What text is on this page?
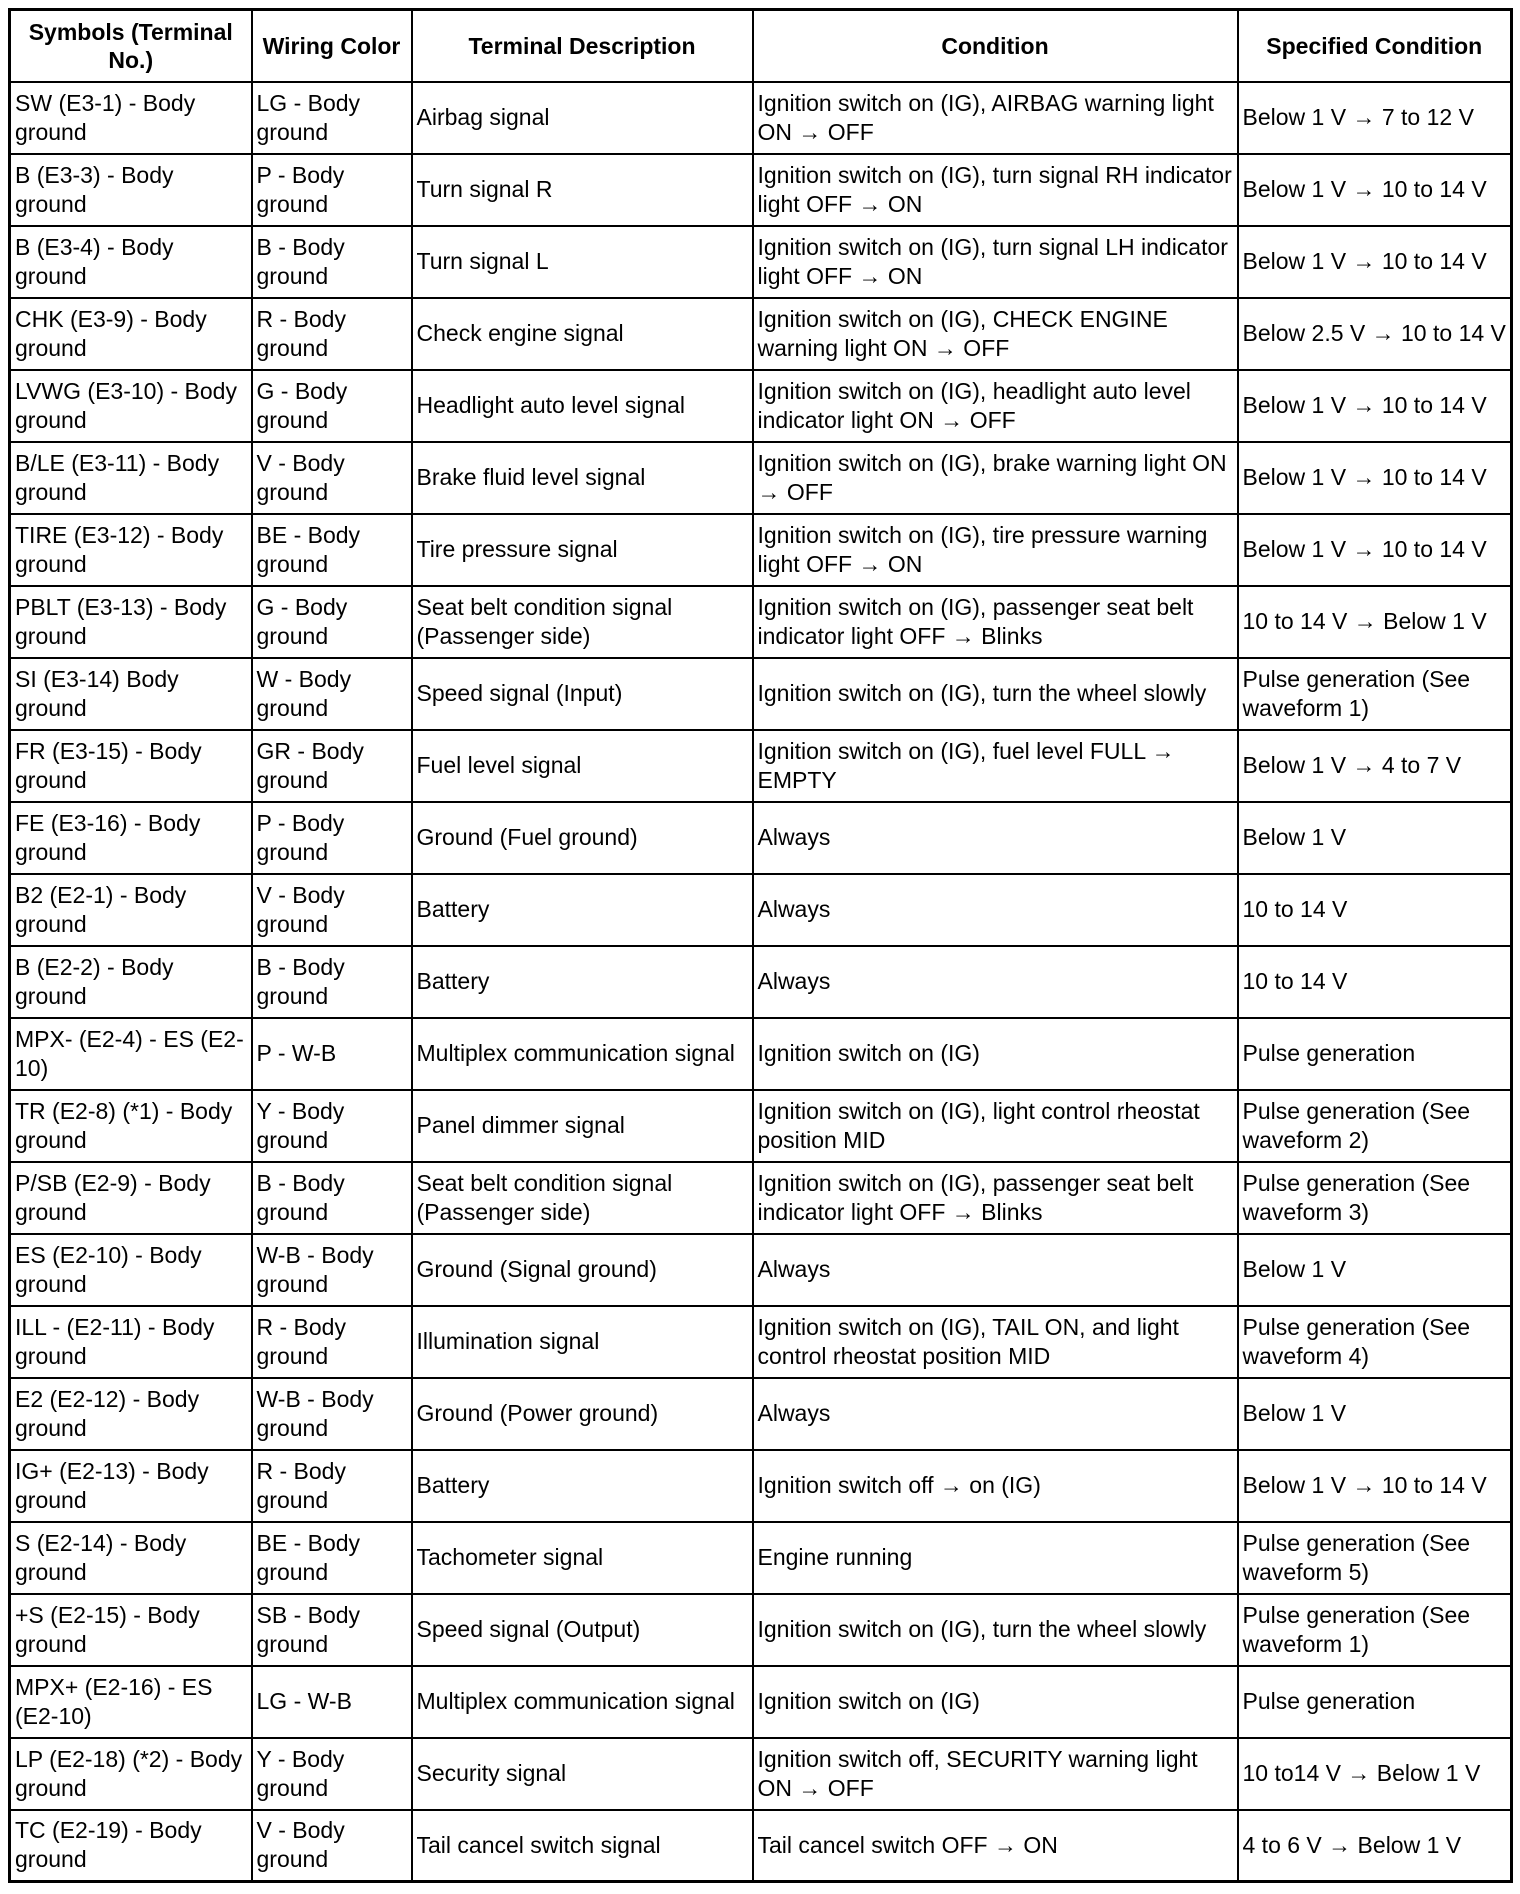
Symbols (Terminal No.)	Wiring Color	Terminal Description	Condition	Specified Condition
SW (E3-1) - Body ground	LG - Body ground	Airbag signal	Ignition switch on (IG), AIRBAG warning light ON → OFF	Below 1 V → 7 to 12 V
B (E3-3) - Body ground	P - Body ground	Turn signal R	Ignition switch on (IG), turn signal RH indicator light OFF → ON	Below 1 V → 10 to 14 V
B (E3-4) - Body ground	B - Body ground	Turn signal L	Ignition switch on (IG), turn signal LH indicator light OFF → ON	Below 1 V → 10 to 14 V
CHK (E3-9) - Body ground	R - Body ground	Check engine signal	Ignition switch on (IG), CHECK ENGINE warning light ON → OFF	Below 2.5 V → 10 to 14 V
LVWG (E3-10) - Body ground	G - Body ground	Headlight auto level signal	Ignition switch on (IG), headlight auto level indicator light ON → OFF	Below 1 V → 10 to 14 V
B/LE (E3-11) - Body ground	V - Body ground	Brake fluid level signal	Ignition switch on (IG), brake warning light ON → OFF	Below 1 V → 10 to 14 V
TIRE (E3-12) - Body ground	BE - Body ground	Tire pressure signal	Ignition switch on (IG), tire pressure warning light OFF → ON	Below 1 V → 10 to 14 V
PBLT (E3-13) - Body ground	G - Body ground	Seat belt condition signal (Passenger side)	Ignition switch on (IG), passenger seat belt indicator light OFF → Blinks	10 to 14 V → Below 1 V
SI (E3-14) Body ground	W - Body ground	Speed signal (Input)	Ignition switch on (IG), turn the wheel slowly	Pulse generation (See waveform 1)
FR (E3-15) - Body ground	GR - Body ground	Fuel level signal	Ignition switch on (IG), fuel level FULL → EMPTY	Below 1 V → 4 to 7 V
FE (E3-16) - Body ground	P - Body ground	Ground (Fuel ground)	Always	Below 1 V
B2 (E2-1) - Body ground	V - Body ground	Battery	Always	10 to 14 V
B (E2-2) - Body ground	B - Body ground	Battery	Always	10 to 14 V
MPX- (E2-4) - ES (E2-10)	P - W-B	Multiplex communication signal	Ignition switch on (IG)	Pulse generation
TR (E2-8) (*1) - Body ground	Y - Body ground	Panel dimmer signal	Ignition switch on (IG), light control rheostat position MID	Pulse generation (See waveform 2)
P/SB (E2-9) - Body ground	B - Body ground	Seat belt condition signal (Passenger side)	Ignition switch on (IG), passenger seat belt indicator light OFF → Blinks	Pulse generation (See waveform 3)
ES (E2-10) - Body ground	W-B - Body ground	Ground (Signal ground)	Always	Below 1 V
ILL - (E2-11) - Body ground	R - Body ground	Illumination signal	Ignition switch on (IG), TAIL ON, and light control rheostat position MID	Pulse generation (See waveform 4)
E2 (E2-12) - Body ground	W-B - Body ground	Ground (Power ground)	Always	Below 1 V
IG+ (E2-13) - Body ground	R - Body ground	Battery	Ignition switch off → on (IG)	Below 1 V → 10 to 14 V
S (E2-14) - Body ground	BE - Body ground	Tachometer signal	Engine running	Pulse generation (See waveform 5)
+S (E2-15) - Body ground	SB - Body ground	Speed signal (Output)	Ignition switch on (IG), turn the wheel slowly	Pulse generation (See waveform 1)
MPX+ (E2-16) - ES (E2-10)	LG - W-B	Multiplex communication signal	Ignition switch on (IG)	Pulse generation
LP (E2-18) (*2) - Body ground	Y - Body ground	Security signal	Ignition switch off, SECURITY warning light ON → OFF	10 to14 V → Below 1 V
TC (E2-19) - Body ground	V - Body ground	Tail cancel switch signal	Tail cancel switch OFF → ON	4 to 6 V → Below 1 V
